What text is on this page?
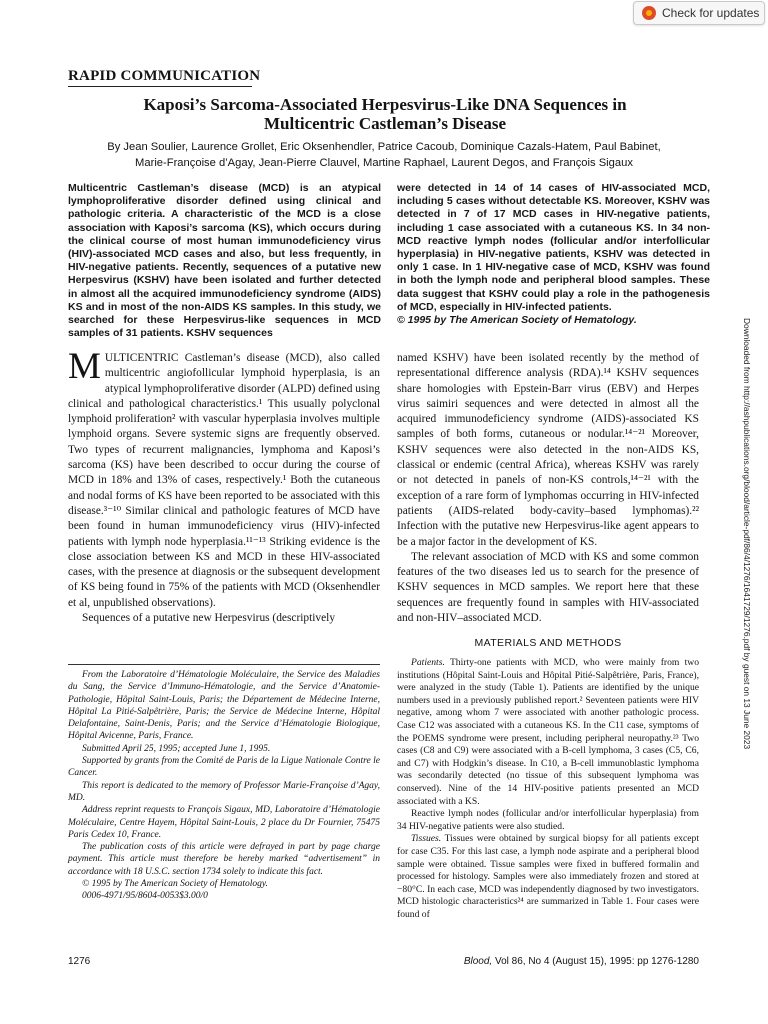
Check for updates
RAPID COMMUNICATION
Kaposi’s Sarcoma-Associated Herpesvirus-Like DNA Sequences in
Multicentric Castleman’s Disease
By Jean Soulier, Laurence Grollet, Eric Oksenhendler, Patrice Cacoub, Dominique Cazals-Hatem, Paul Babinet,
Marie-Françoise d’Agay, Jean-Pierre Clauvel, Martine Raphael, Laurent Degos, and François Sigaux

Multicentric Castleman’s disease (MCD) is an atypical lymphoproliferative disorder defined using clinical and pathologic criteria. A characteristic of the MCD is a close association with Kaposi’s sarcoma (KS), which occurs during the clinical course of most human immunodeficiency virus (HIV)-associated MCD cases and also, but less frequently, in HIV-negative patients. Recently, sequences of a putative new Herpesvirus (KSHV) have been isolated and further detected in almost all the acquired immunodeficiency syndrome (AIDS) KS and in most of the non-AIDS KS samples. In this study, we searched for these Herpesvirus-like sequences in MCD samples of 31 patients. KSHV sequences

were detected in 14 of 14 cases of HIV-associated MCD, including 5 cases without detectable KS. Moreover, KSHV was detected in 7 of 17 MCD cases in HIV-negative patients, including 1 case associated with a cutaneous KS. In 34 non-MCD reactive lymph nodes (follicular and/or interfollicular hyperplasia) in HIV-negative patients, KSHV was detected in only 1 case. In 1 HIV-negative case of MCD, KSHV was found in both the lymph node and peripheral blood samples. These data suggest that KSHV could play a role in the pathogenesis of MCD, especially in HIV-infected patients.

© 1995 by The American Society of Hematology.

MULTICENTRIC Castleman’s disease (MCD), also called multicentric angiofollicular lymphoid hyperplasia, is an atypical lymphoproliferative disorder (ALPD) defined using clinical and pathological characteristics.¹ This usually polyclonal lymphoid proliferation² with vascular hyperplasia involves multiple lymphoid organs. Severe systemic signs are frequently observed. Two types of recurrent malignancies, lymphoma and Kaposi’s sarcoma (KS) have been described to occur during the course of MCD in 18% and 13% of cases, respectively.¹ Both the cutaneous and nodal forms of KS have been reported to be associated with this disease.³⁻¹⁰ Similar clinical and pathologic features of MCD have been found in human immunodeficiency virus (HIV)-infected patients with lymph node hyperplasia.¹¹⁻¹³ Striking evidence is the close association between KS and MCD in these HIV-associated cases, with the presence at diagnosis or the subsequent development of KS being found in 75% of the patients with MCD (Oksenhendler et al, unpublished observations).

Sequences of a putative new Herpesvirus (descriptively

named KSHV) have been isolated recently by the method of representational difference analysis (RDA).¹⁴ KSHV sequences share homologies with Epstein-Barr virus (EBV) and Herpes virus saimiri sequences and were detected in almost all the acquired immunodeficiency syndrome (AIDS)-associated KS samples of both forms, cutaneous or nodular.¹⁴⁻²¹ Moreover, KSHV sequences were also detected in the non-AIDS KS, classical or endemic (central Africa), whereas KSHV was rarely or not detected in panels of non-KS controls,¹⁴⁻²¹ with the exception of a rare form of lymphomas occurring in HIV-infected patients (AIDS-related body-cavity–based lymphomas).²² Infection with the putative new Herpesvirus-like agent appears to be a major factor in the development of KS.

The relevant association of MCD with KS and some common features of the two diseases led us to search for the presence of KSHV sequences in MCD samples. We report here that these sequences are frequently found in samples with HIV-associated and non-HIV–associated MCD.

MATERIALS AND METHODS

Patients. Thirty-one patients with MCD, who were mainly from two institutions (Hôpital Saint-Louis and Hôpital Pitié-Salpêtrière, Paris, France), were analyzed in the study (Table 1). Patients are identified by the unique numbers used in a previously published report.² Seventeen patients were HIV negative, among whom 7 were associated with another pathologic process. Case C12 was associated with a cutaneous KS. In the C11 case, symptoms of the POEMS syndrome were present, including peripheral neuropathy.²³ Two cases (C8 and C9) were associated with a B-cell lymphoma, 3 cases (C5, C6, and C7) with Hodgkin’s disease. In C10, a B-cell immunoblastic lymphoma was secondarily detected (no tissue of this subsequent lymphoma was conserved). Nine of the 14 HIV-positive patients presented an MCD associated with a KS.

Reactive lymph nodes (follicular and/or interfollicular hyperplasia) from 34 HIV-negative patients were also studied.

Tissues. Tissues were obtained by surgical biopsy for all patients except for case C35. For this last case, a lymph node aspirate and a peripheral blood sample were obtained. Tissue samples were fixed in buffered formalin and processed for histology. Samples were also immediately frozen and stored at −80°C. In each case, MCD was independently diagnosed by two investigators. MCD histologic characteristics²⁴ are summarized in Table 1. Four cases were found of

From the Laboratoire d’Hématologie Moléculaire, the Service des Maladies du Sang, the Service d’Immuno-Hématologie, and the Service d’Anatomie-Pathologie, Hôpital Saint-Louis, Paris; the Département de Médecine Interne, Hôpital La Pitié-Salpêtrière, Paris; the Service de Médecine Interne, Hôpital Delafontaine, Saint-Denis, Paris; and the Service d’Hématologie Biologique, Hôpital Avicenne, Paris, France.

Submitted April 25, 1995; accepted June 1, 1995.

Supported by grants from the Comité de Paris de la Ligue Nationale Contre le Cancer.

This report is dedicated to the memory of Professor Marie-Françoise d’Agay, MD.

Address reprint requests to François Sigaux, MD, Laboratoire d’Hématologie Moléculaire, Centre Hayem, Hôpital Saint-Louis, 2 place du Dr Fournier, 75475 Paris Cedex 10, France.

The publication costs of this article were defrayed in part by page charge payment. This article must therefore be hereby marked “advertisement” in accordance with 18 U.S.C. section 1734 solely to indicate this fact.

© 1995 by The American Society of Hematology.

0006-4971/95/8604-0053$3.00/0

1276	Blood, Vol 86, No 4 (August 15), 1995: pp 1276-1280
Downloaded from http://ashpublications.org/blood/article-pdf/86/4/1276/1641729/1276.pdf by guest on 13 June 2023
